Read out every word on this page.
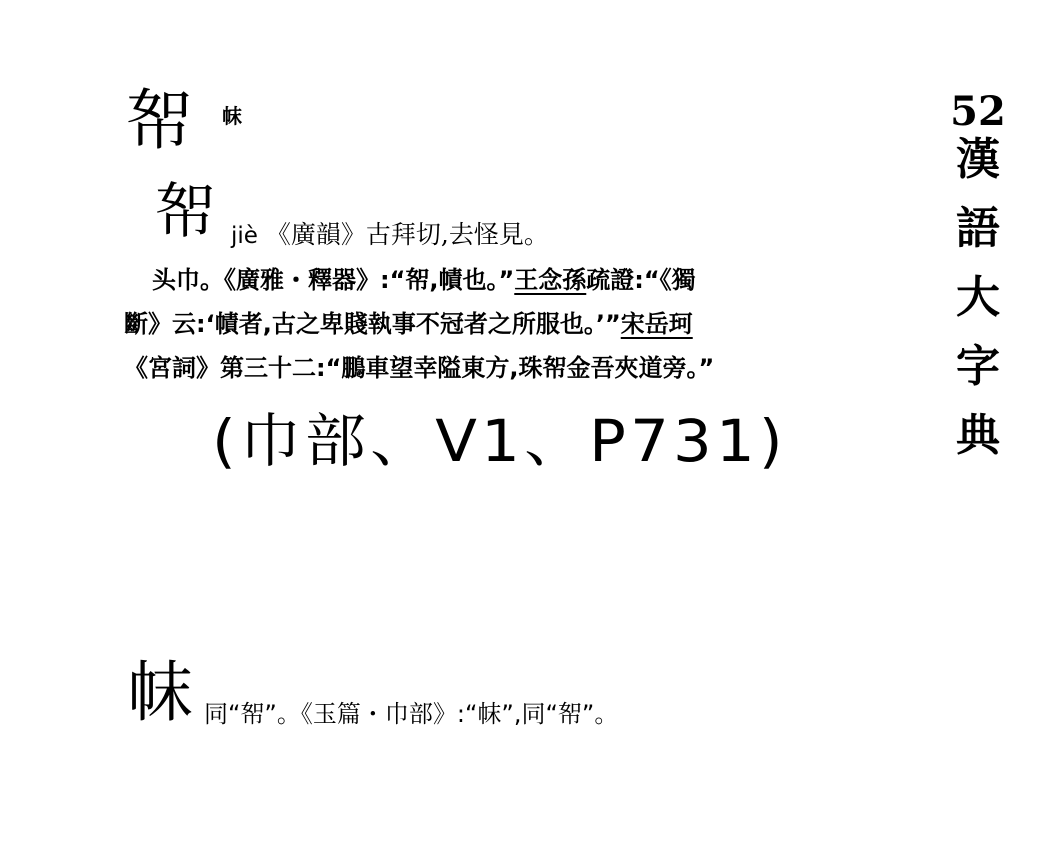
帤 帓
帤 jiè 《廣韻》古拜切,去怪見。
头巾。《廣雅・釋器》:“帤,幘也。”王念孫疏證:“《獨
斷》云:‘幘者,古之卑賤執事不冠者之所服也。’”宋岳珂
《宮詞》第三十二:“鵬車望幸隘東方,珠帤金吾夾道旁。”
(巾部、V1、P731)
52
漢
語
大
字
典
帓 同“帤”。《玉篇・巾部》:“帓”,同“帤”。
